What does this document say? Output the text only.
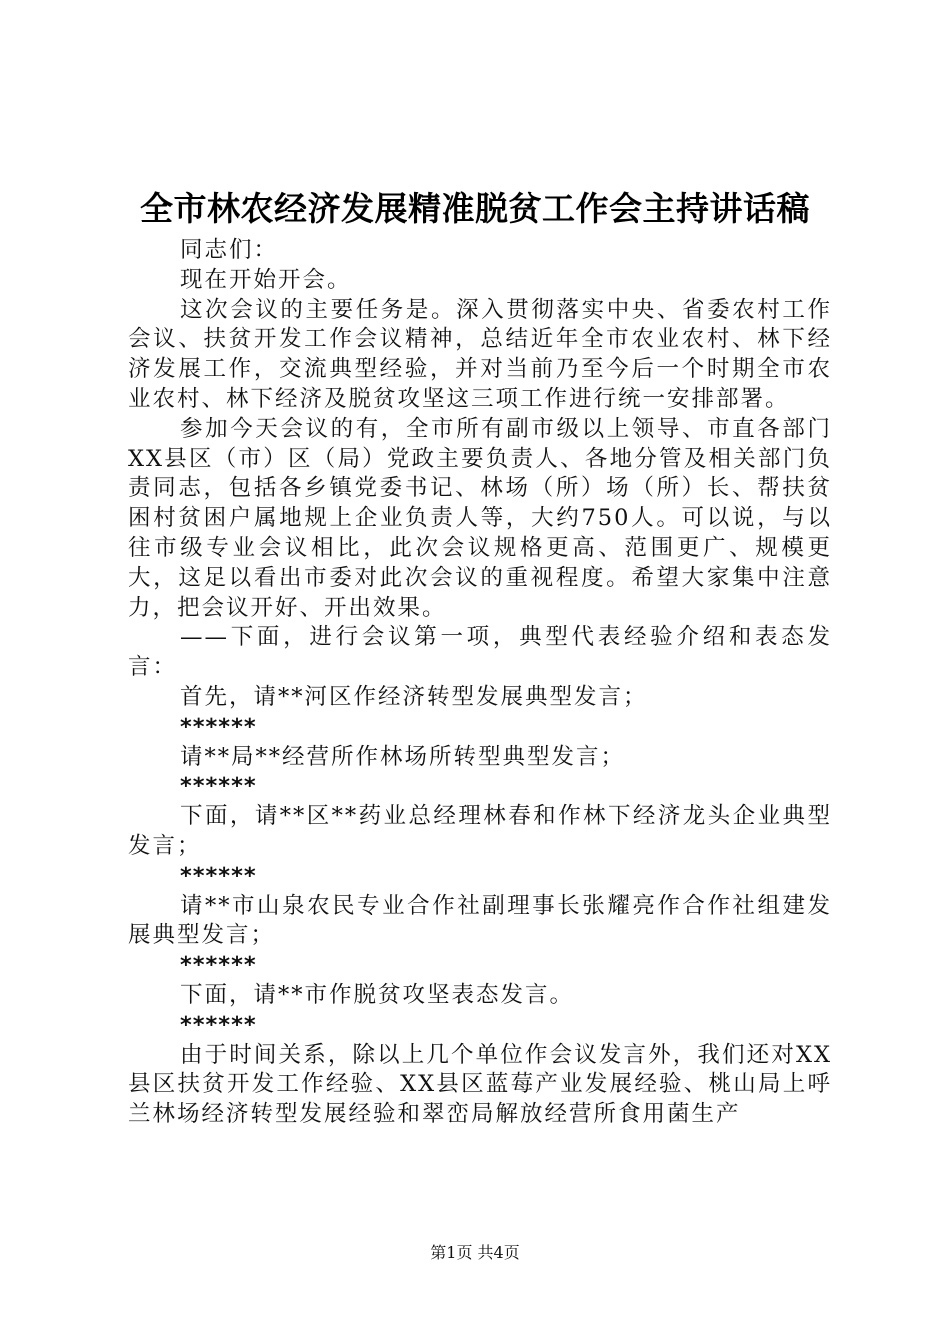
全市林农经济发展精准脱贫工作会主持讲话稿

同志们：

现在开始开会。

这次会议的主要任务是。深入贯彻落实中央、省委农村工作会议、扶贫开发工作会议精神，总结近年全市农业农村、林下经济发展工作，交流典型经验，并对当前乃至今后一个时期全市农业农村、林下经济及脱贫攻坚这三项工作进行统一安排部署。

参加今天会议的有，全市所有副市级以上领导、市直各部门XX县区（市）区（局）党政主要负责人、各地分管及相关部门负责同志，包括各乡镇党委书记、林场（所）场（所）长、帮扶贫困村贫困户属地规上企业负责人等，大约750人。可以说，与以往市级专业会议相比，此次会议规格更高、范围更广、规模更大，这足以看出市委对此次会议的重视程度。希望大家集中注意力，把会议开好、开出效果。

——下面，进行会议第一项，典型代表经验介绍和表态发言：

首先，请**河区作经济转型发展典型发言；

******

请**局**经营所作林场所转型典型发言；

******

下面，请**区**药业总经理林春和作林下经济龙头企业典型发言；

******

请**市山泉农民专业合作社副理事长张耀亮作合作社组建发展典型发言；

******

下面，请**市作脱贫攻坚表态发言。

******

由于时间关系，除以上几个单位作会议发言外，我们还对XX县区扶贫开发工作经验、XX县区蓝莓产业发展经验、桃山局上呼兰林场经济转型发展经验和翠峦局解放经营所食用菌生产

第1页 共4页
